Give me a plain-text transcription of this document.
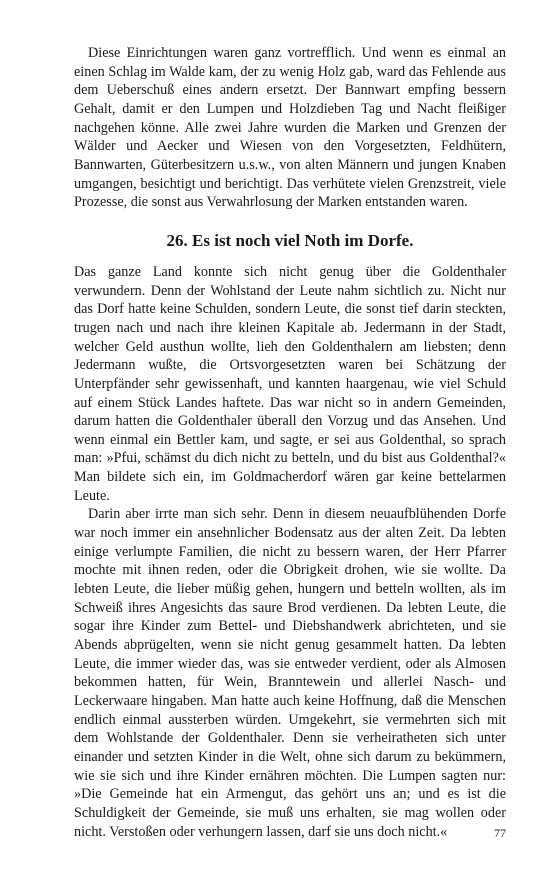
Diese Einrichtungen waren ganz vortrefflich. Und wenn es einmal an einen Schlag im Walde kam, der zu wenig Holz gab, ward das Fehlende aus dem Ueberschuß eines andern ersetzt. Der Bannwart empfing bessern Gehalt, damit er den Lumpen und Holzdieben Tag und Nacht fleißiger nachgehen könne. Alle zwei Jahre wurden die Marken und Grenzen der Wälder und Aecker und Wiesen von den Vorgesetzten, Feldhütern, Bannwarten, Güterbesitzern u.s.w., von alten Männern und jungen Knaben umgangen, besichtigt und berichtigt. Das verhütete vielen Grenzstreit, viele Prozesse, die sonst aus Verwahrlosung der Marken entstanden waren.

26. Es ist noch viel Noth im Dorfe.

Das ganze Land konnte sich nicht genug über die Goldenthaler verwundern. Denn der Wohlstand der Leute nahm sichtlich zu. Nicht nur das Dorf hatte keine Schulden, sondern Leute, die sonst tief darin steckten, trugen nach und nach ihre kleinen Kapitale ab. Jedermann in der Stadt, welcher Geld austhun wollte, lieh den Goldenthalern am liebsten; denn Jedermann wußte, die Ortsvorgesetzten waren bei Schätzung der Unterpfänder sehr gewissenhaft, und kannten haargenau, wie viel Schuld auf einem Stück Landes haftete. Das war nicht so in andern Gemeinden, darum hatten die Goldenthaler überall den Vorzug und das Ansehen. Und wenn einmal ein Bettler kam, und sagte, er sei aus Goldenthal, so sprach man: »Pfui, schämst du dich nicht zu betteln, und du bist aus Goldenthal?« Man bildete sich ein, im Goldmacherdorf wären gar keine bettelarmen Leute.

Darin aber irrte man sich sehr. Denn in diesem neuaufblühenden Dorfe war noch immer ein ansehnlicher Bodensatz aus der alten Zeit. Da lebten einige verlumpte Familien, die nicht zu bessern waren, der Herr Pfarrer mochte mit ihnen reden, oder die Obrigkeit drohen, wie sie wollte. Da lebten Leute, die lieber müßig gehen, hungern und betteln wollten, als im Schweiß ihres Angesichts das saure Brod verdienen. Da lebten Leute, die sogar ihre Kinder zum Bettel- und Diebshandwerk abrichteten, und sie Abends abprügelten, wenn sie nicht genug gesammelt hatten. Da lebten Leute, die immer wieder das, was sie entweder verdient, oder als Almosen bekommen hatten, für Wein, Branntewein und allerlei Nasch- und Leckerwaare hingaben. Man hatte auch keine Hoffnung, daß die Menschen endlich einmal aussterben würden. Umgekehrt, sie vermehrten sich mit dem Wohlstande der Goldenthaler. Denn sie verheiratheten sich unter einander und setzten Kinder in die Welt, ohne sich darum zu bekümmern, wie sie sich und ihre Kinder ernähren möchten. Die Lumpen sagten nur: »Die Gemeinde hat ein Armengut, das gehört uns an; und es ist die Schuldigkeit der Gemeinde, sie muß uns erhalten, sie mag wollen oder nicht. Verstoßen oder verhungern lassen, darf sie uns doch nicht.«	77
